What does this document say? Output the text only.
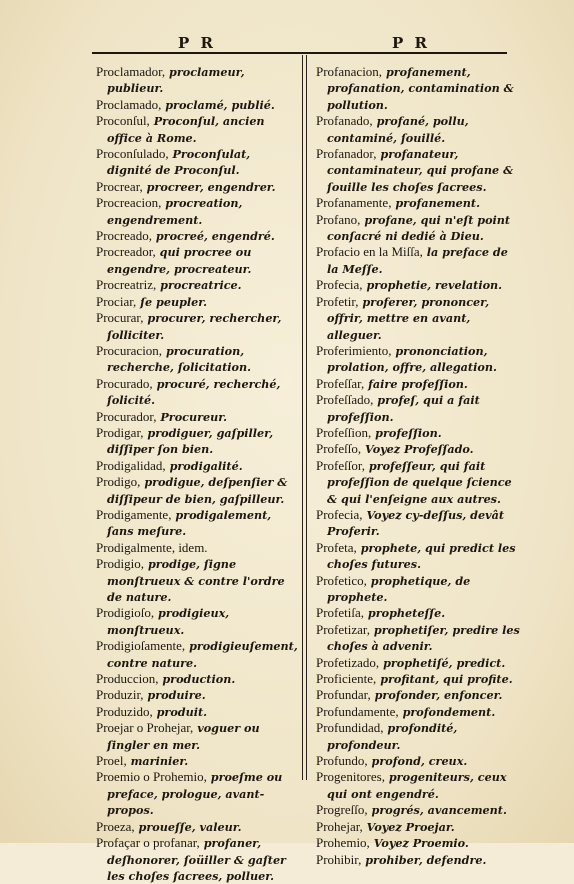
P R	P R
Proclamador, proclameur, publieur.
Proclamado, proclamé, publié.
Proconſul, Proconſul, ancien office à Rome.
Proconſulado, Proconſulat, dignité de Proconſul.
Procrear, procreer, engendrer.
Procreacion, procreation, engendrement.
Procreado, procreé, engendré.
Procreador, qui procree ou engendre, procreateur.
Procreatriz, procreatrice.
Prociar, ſe peupler.
Procurar, procurer, rechercher, ſolliciter.
Procuracion, procuration, recherche, ſolicitation.
Procurado, procuré, recherché, ſolicité.
Procurador, Procureur.
Prodigar, prodiguer, gaſpiller, diſſiper ſon bien.
Prodigalidad, prodigalité.
Prodigo, prodigue, deſpenſier & diſſipeur de bien, gaſpilleur.
Prodigamente, prodigalement, ſans meſure.
Prodigalmente, idem.
Prodigio, prodige, ſigne monſtrueux & contre l'ordre de nature.
Prodigioſo, prodigieux, monſtrueux.
Prodigioſamente, prodigieuſement, contre nature.
Produccion, production.
Produzir, produire.
Produzido, produit.
Proejar o Prohejar, voguer ou ſingler en mer.
Proel, marinier.
Proemio o Prohemio, proeſme ou preface, prologue, avant-propos.
Proeza, proueſſe, valeur.
Profaçar o profanar, profaner, deſhonorer, ſoüiller & gaſter les choſes ſacrees, polluer.
Profanacion, profanement, profanation, contamination & pollution.
Profanado, profané, pollu, contaminé, ſouillé.
Profanador, profanateur, contaminateur, qui profane & ſouille les choſes ſacrees.
Profanamente, profanement.
Profano, profane, qui n'eſt point conſacré ni dedié à Dieu.
Profacio en la Miſſa, la preface de la Meſſe.
Profecia, prophetie, revelation.
Profetir, proferer, prononcer, offrir, mettre en avant, alleguer.
Proferimiento, prononciation, prolation, offre, allegation.
Profeſſar, faire profeſſion.
Profeſſado, profeſ, qui a fait profeſſion.
Profeſſion, profeſſion.
Profeſſo, Voyez Profeſſado.
Profeſſor, profeſſeur, qui fait profeſſion de quelque ſcience & qui l'enſeigne aux autres.
Profecia, Voyez cy-deſſus, devât Proferir.
Profeta, prophete, qui predict les choſes futures.
Profetico, prophetique, de prophete.
Profetiſa, propheteſſe.
Profetizar, prophetiſer, predire les choſes à advenir.
Profetizado, prophetiſé, predict.
Proficiente, profitant, qui profite.
Profundar, profonder, enfoncer.
Profundamente, profondement.
Profundidad, profondité, profondeur.
Profundo, profond, creux.
Progenitores, progeniteurs, ceux qui ont engendré.
Progreſſo, progrés, avancement.
Prohejar, Voyez Proejar.
Prohemio, Voyez Proemio.
Prohibir, prohiber, defendre.
